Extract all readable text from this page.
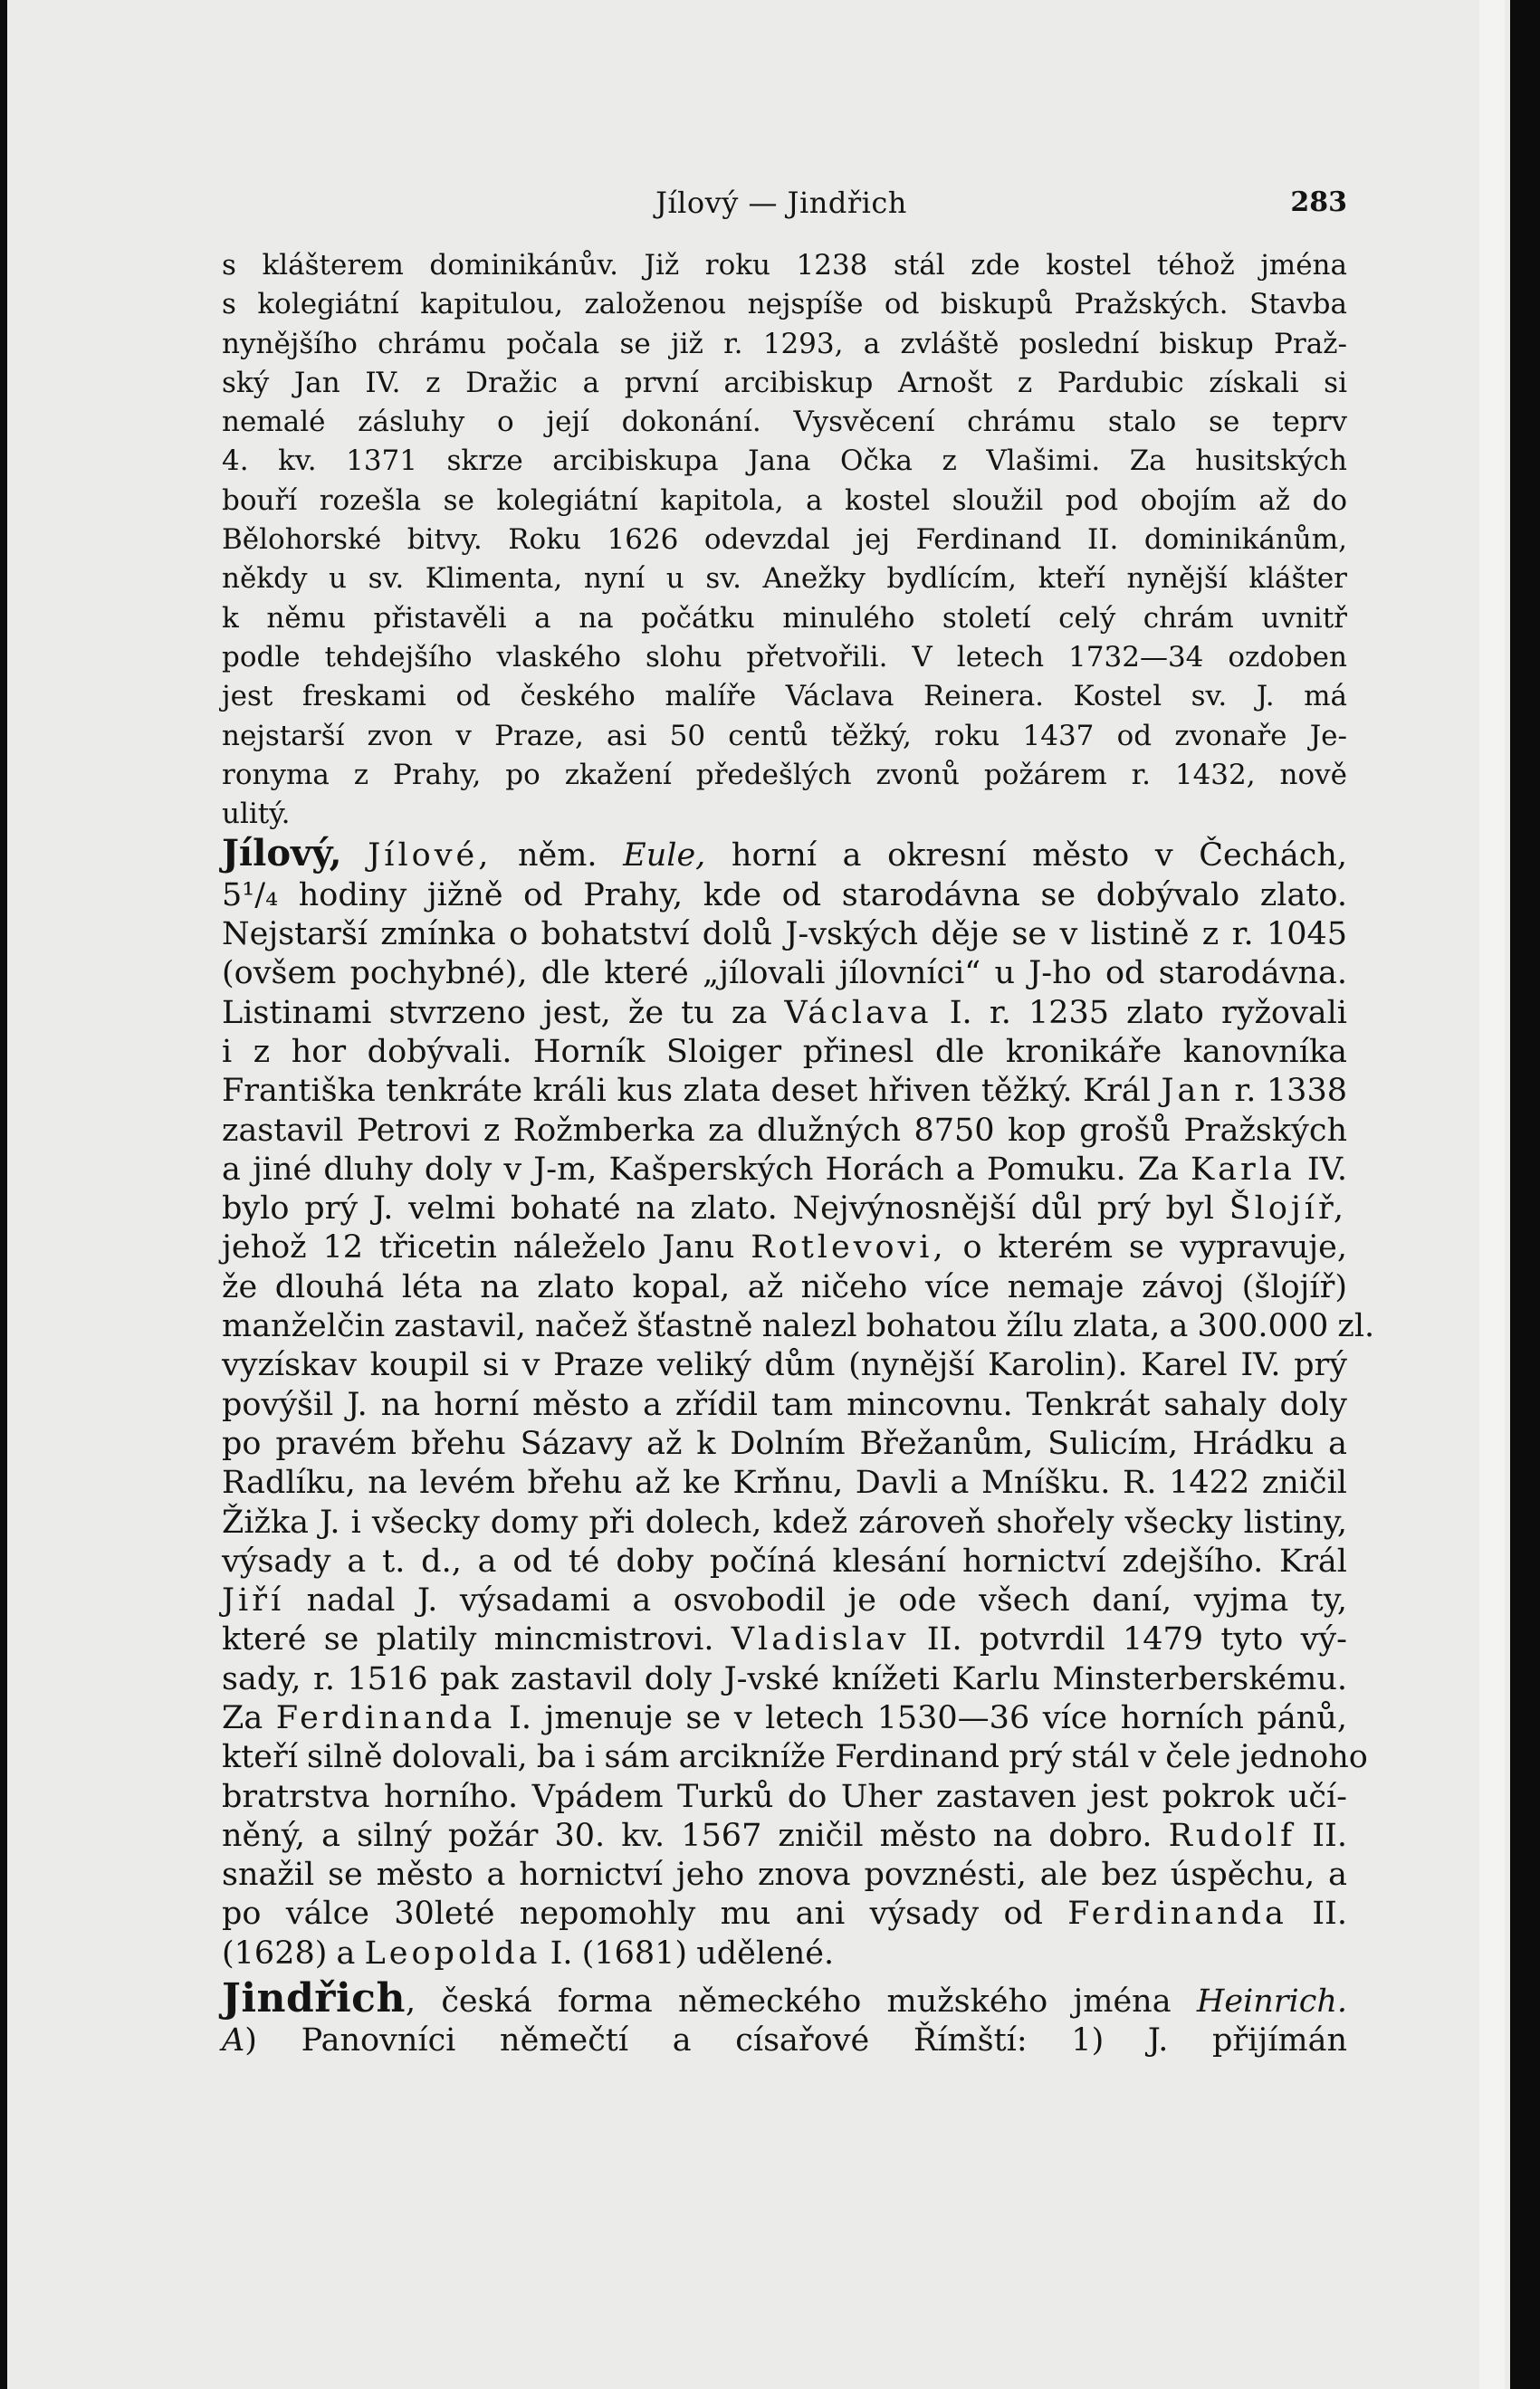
Jílový — Jindřich	283
s klášterem dominikánův. Již roku 1238 stál zde kostel téhož jména
s kolegiátní kapitulou, založenou nejspíše od biskupů Pražských. Stavba
nynějšího chrámu počala se již r. 1293, a zvláště poslední biskup Praž-
ský Jan IV. z Dražic a první arcibiskup Arnošt z Pardubic získali si
nemalé zásluhy o její dokonání. Vysvěcení chrámu stalo se teprv
4. kv. 1371 skrze arcibiskupa Jana Očka z Vlašimi. Za husitských
bouří rozešla se kolegiátní kapitola, a kostel sloužil pod obojím až do
Bělohorské bitvy. Roku 1626 odevzdal jej Ferdinand II. dominikánům,
někdy u sv. Klimenta, nyní u sv. Anežky bydlícím, kteří nynější klášter
k němu přistavěli a na počátku minulého století celý chrám uvnitř
podle tehdejšího vlaského slohu přetvořili. V letech 1732—34 ozdoben
jest freskami od českého malíře Václava Reinera. Kostel sv. J. má
nejstarší zvon v Praze, asi 50 centů těžký, roku 1437 od zvonaře Je-
ronyma z Prahy, po zkažení předešlých zvonů požárem r. 1432, nově
ulitý.
Jílový, Jílové, něm. Eule, horní a okresní město v Čechách,
5¹/₄ hodiny jižně od Prahy, kde od starodávna se dobývalo zlato.
Nejstarší zmínka o bohatství dolů J-vských děje se v listině z r. 1045
(ovšem pochybné), dle které „jílovali jílovníci“ u J-ho od starodávna.
Listinami stvrzeno jest, že tu za Václava I. r. 1235 zlato ryžovali
i z hor dobývali. Horník Sloiger přinesl dle kronikáře kanovníka
Františka tenkráte králi kus zlata deset hřiven těžký. Král Jan r. 1338
zastavil Petrovi z Rožmberka za dlužných 8750 kop grošů Pražských
a jiné dluhy doly v J-m, Kašperských Horách a Pomuku. Za Karla IV.
bylo prý J. velmi bohaté na zlato. Nejvýnosnější důl prý byl Šlojíř,
jehož 12 třicetin náleželo Janu Rotlevovi, o kterém se vypravuje,
že dlouhá léta na zlato kopal, až ničeho více nemaje závoj (šlojíř)
manželčin zastavil, načež šťastně nalezl bohatou žílu zlata, a 300.000 zl.
vyzískav koupil si v Praze veliký dům (nynější Karolin). Karel IV. prý
povýšil J. na horní město a zřídil tam mincovnu. Tenkrát sahaly doly
po pravém břehu Sázavy až k Dolním Břežanům, Sulicím, Hrádku a
Radlíku, na levém břehu až ke Krňnu, Davli a Mníšku. R. 1422 zničil
Žižka J. i všecky domy při dolech, kdež zároveň shořely všecky listiny,
výsady a t. d., a od té doby počíná klesání hornictví zdejšího. Král
Jiří nadal J. výsadami a osvobodil je ode všech daní, vyjma ty,
které se platily mincmistrovi. Vladislav II. potvrdil 1479 tyto vý-
sady, r. 1516 pak zastavil doly J-vské knížeti Karlu Minsterberskému.
Za Ferdinanda I. jmenuje se v letech 1530—36 více horních pánů,
kteří silně dolovali, ba i sám arcikníže Ferdinand prý stál v čele jednoho
bratrstva horního. Vpádem Turků do Uher zastaven jest pokrok učí-
něný, a silný požár 30. kv. 1567 zničil město na dobro. Rudolf II.
snažil se město a hornictví jeho znova povznésti, ale bez úspěchu, a
po válce 30leté nepomohly mu ani výsady od Ferdinanda II.
(1628) a Leopolda I. (1681) udělené.
Jindřich, česká forma německého mužského jména Heinrich.
A) Panovníci němečtí a císařové Římští: 1) J. přijímán
